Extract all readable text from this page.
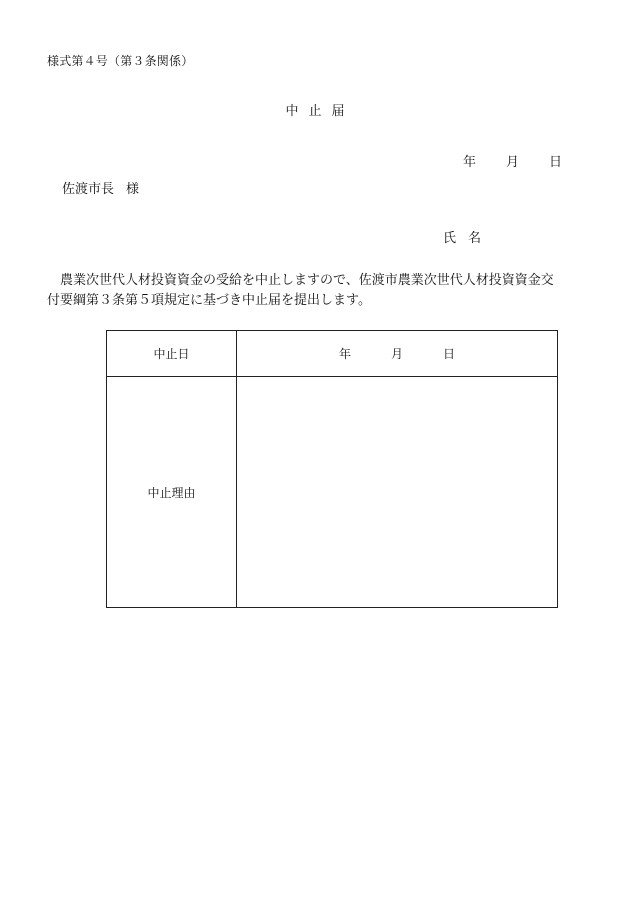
様式第４号（第３条関係）
中止届
年 月 日
佐渡市長 様
氏 名
農業次世代人材投資資金の受給を中止しますので、佐渡市農業次世代人材投資資金交
付要綱第３条第５項規定に基づき中止届を提出します。
中止日	年 月 日
中止理由	
